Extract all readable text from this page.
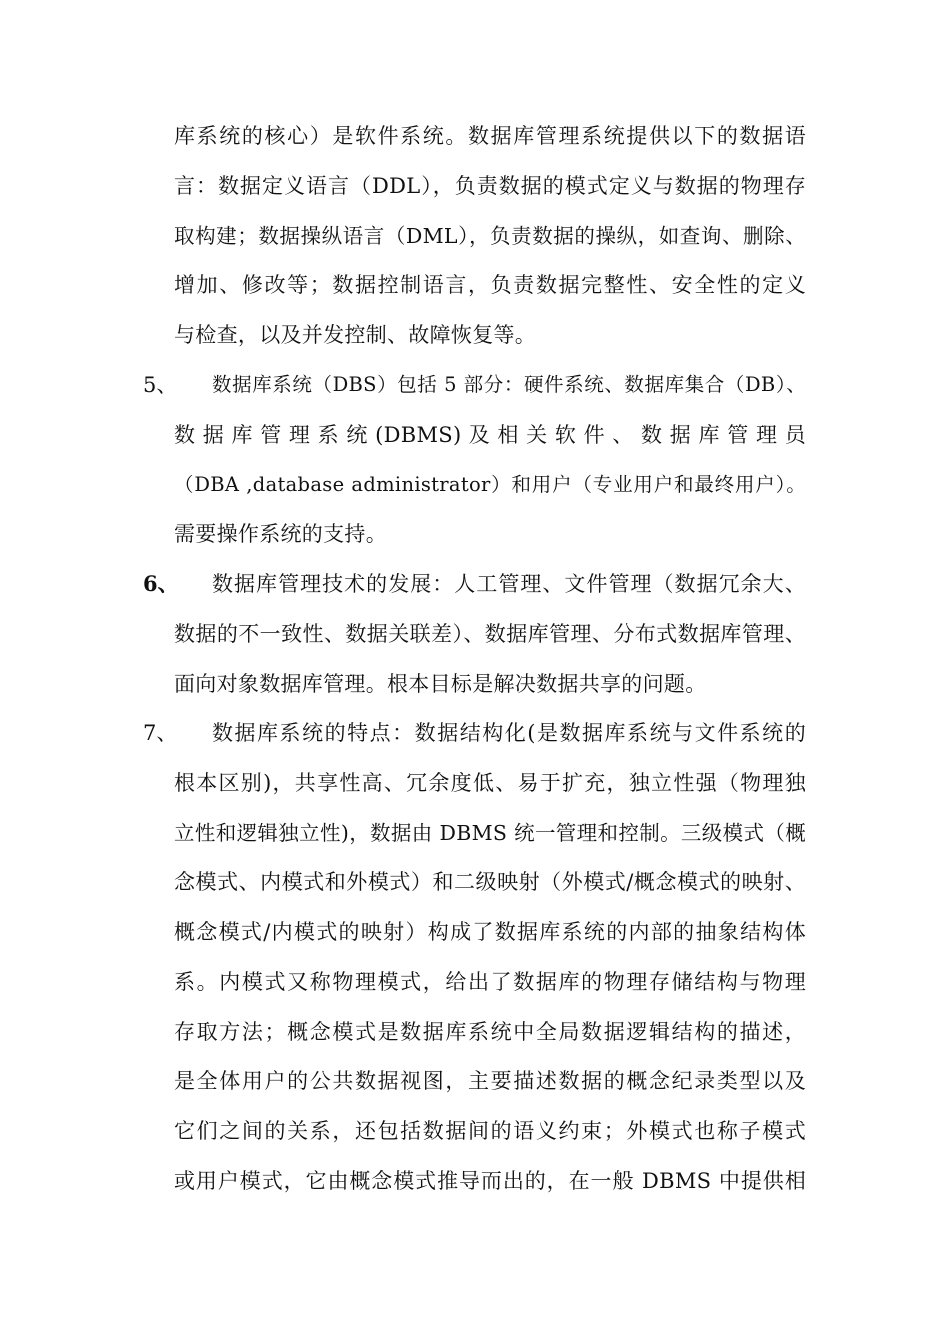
库系统的核心）是软件系统。数据库管理系统提供以下的数据语
言：数据定义语言（DDL），负责数据的模式定义与数据的物理存
取构建；数据操纵语言（DML），负责数据的操纵，如查询、删除、
增加、修改等；数据控制语言，负责数据完整性、安全性的定义
与检查，以及并发控制、故障恢复等。
5、 数据库系统（DBS）包括 5 部分：硬件系统、数据库集合（DB）、
数 据 库 管 理 系 统 (DBMS) 及 相 关 软 件 、 数 据 库 管 理 员
（DBA ,database administrator）和用户（专业用户和最终用户）。
需要操作系统的支持。
6、 数据库管理技术的发展：人工管理、文件管理（数据冗余大、
数据的不一致性、数据关联差）、数据库管理、分布式数据库管理、
面向对象数据库管理。根本目标是解决数据共享的问题。
7、 数据库系统的特点：数据结构化(是数据库系统与文件系统的
根本区别)，共享性高、冗余度低、易于扩充，独立性强（物理独
立性和逻辑独立性)，数据由 DBMS 统一管理和控制。三级模式（概
念模式、内模式和外模式）和二级映射（外模式/概念模式的映射、
概念模式/内模式的映射）构成了数据库系统的内部的抽象结构体
系。内模式又称物理模式，给出了数据库的物理存储结构与物理
存取方法；概念模式是数据库系统中全局数据逻辑结构的描述，
是全体用户的公共数据视图，主要描述数据的概念纪录类型以及
它们之间的关系，还包括数据间的语义约束；外模式也称子模式
或用户模式，它由概念模式推导而出的，在一般 DBMS 中提供相
